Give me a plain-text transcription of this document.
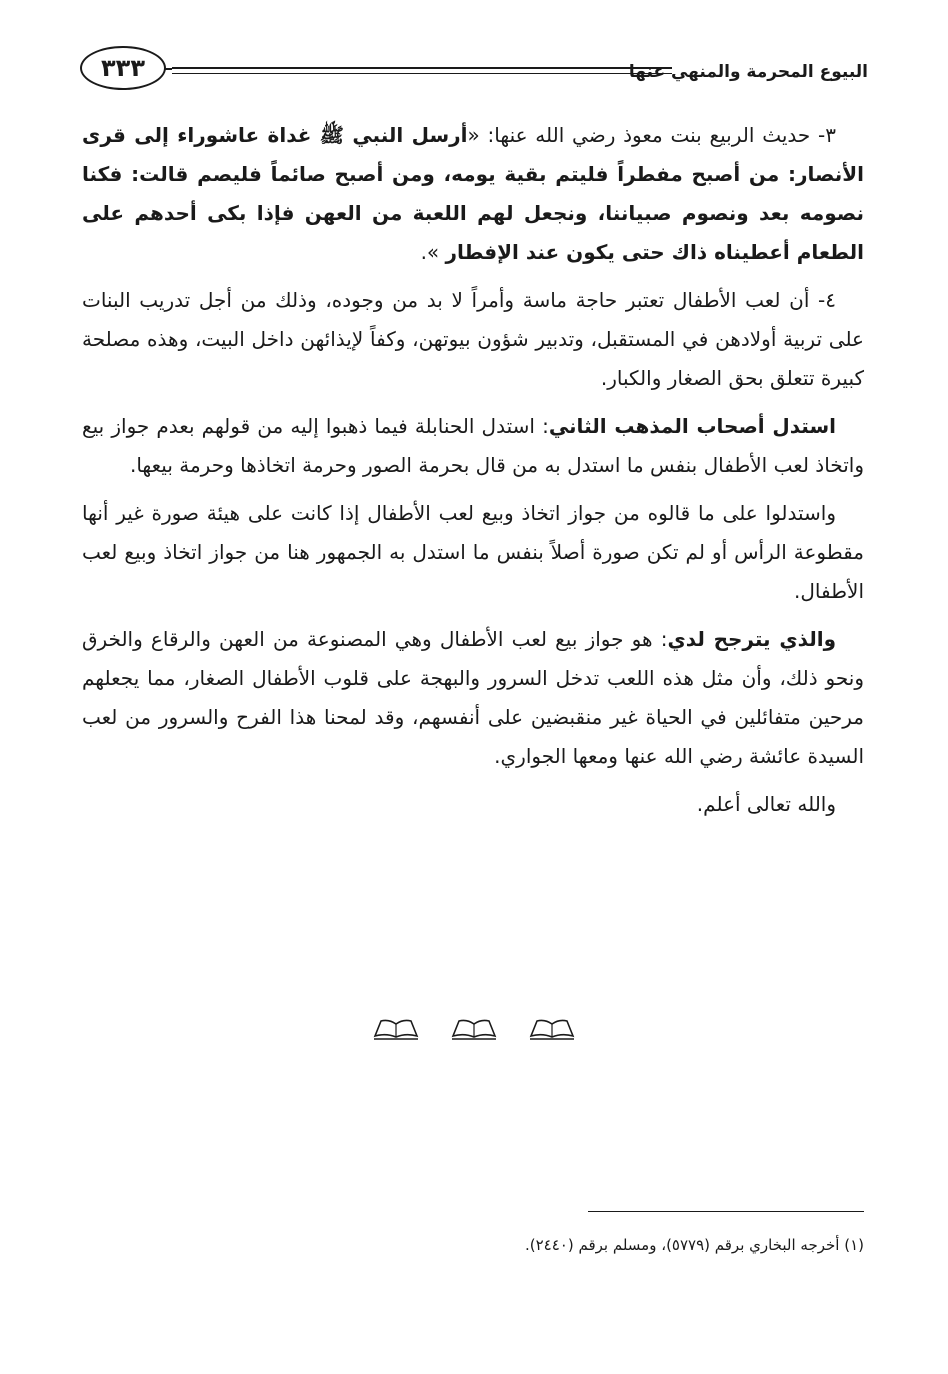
البيوع المحرمة والمنهي عنها
٣٣٣

٣- حديث الربيع بنت معوذ رضي الله عنها: «أرسل النبي ﷺ غداة عاشوراء إلى قرى الأنصار: من أصبح مفطراً فليتم بقية يومه، ومن أصبح صائماً فليصم قالت: فكنا نصومه بعد ونصوم صبياننا، ونجعل لهم اللعبة من العهن فإذا بكى أحدهم على الطعام أعطيناه ذاك حتى يكون عند الإفطار ».

٤- أن لعب الأطفال تعتبر حاجة ماسة وأمراً لا بد من وجوده، وذلك من أجل تدريب البنات على تربية أولادهن في المستقبل، وتدبير شؤون بيوتهن، وكفاً لإيذائهن داخل البيت، وهذه مصلحة كبيرة تتعلق بحق الصغار والكبار.

استدل أصحاب المذهب الثاني: استدل الحنابلة فيما ذهبوا إليه من قولهم بعدم جواز بيع واتخاذ لعب الأطفال بنفس ما استدل به من قال بحرمة الصور وحرمة اتخاذها وحرمة بيعها.

واستدلوا على ما قالوه من جواز اتخاذ وبيع لعب الأطفال إذا كانت على هيئة صورة غير أنها مقطوعة الرأس أو لم تكن صورة أصلاً بنفس ما استدل به الجمهور هنا من جواز اتخاذ وبيع لعب الأطفال.

والذي يترجح لدي: هو جواز بيع لعب الأطفال وهي المصنوعة من العهن والرقاع والخرق ونحو ذلك، وأن مثل هذه اللعب تدخل السرور والبهجة على قلوب الأطفال الصغار، مما يجعلهم مرحين متفائلين في الحياة غير منقبضين على أنفسهم، وقد لمحنا هذا الفرح والسرور من لعب السيدة عائشة رضي الله عنها ومعها الجواري.

والله تعالى أعلم.

(١) أخرجه البخاري برقم (٥٧٧٩)، ومسلم برقم (٢٤٤٠).
